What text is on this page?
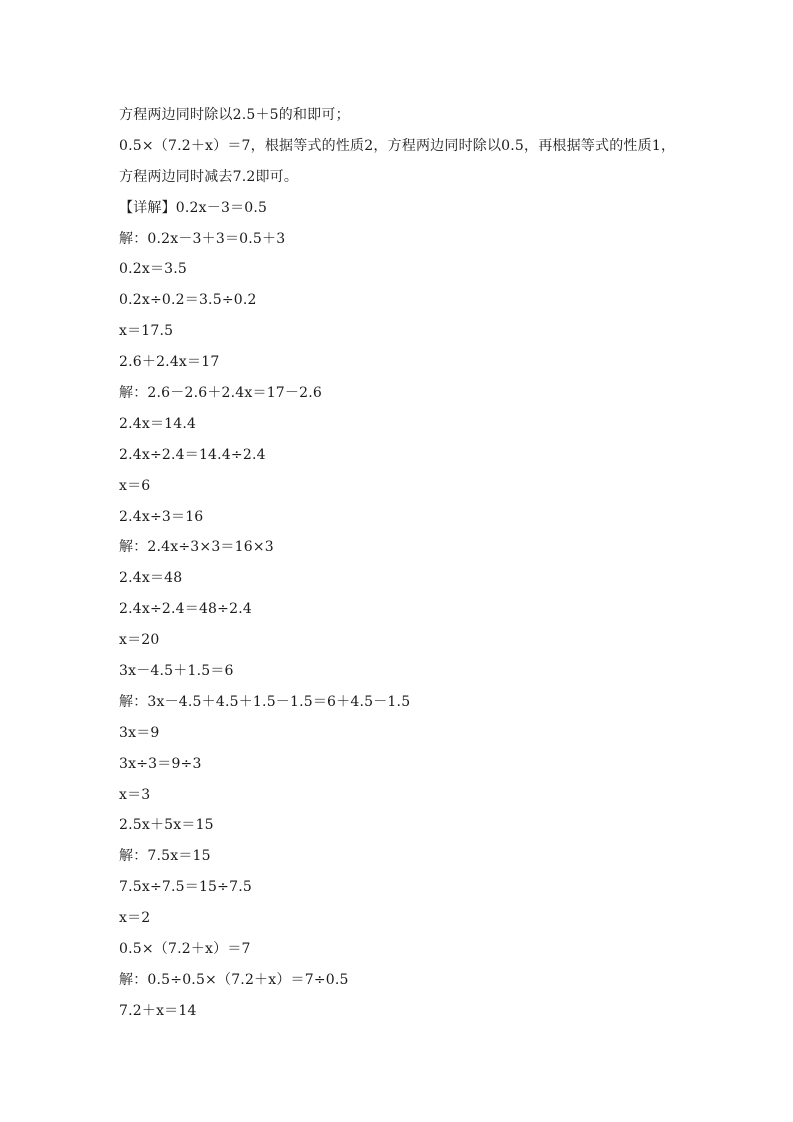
方程两边同时除以2.5＋5的和即可；
0.5×（7.2＋x）＝7，根据等式的性质2，方程两边同时除以0.5，再根据等式的性质1，
方程两边同时减去7.2即可。
【详解】0.2x－3＝0.5
解：0.2x－3＋3＝0.5＋3
0.2x＝3.5
0.2x÷0.2＝3.5÷0.2
x＝17.5
2.6＋2.4x＝17
解：2.6－2.6＋2.4x＝17－2.6
2.4x＝14.4
2.4x÷2.4＝14.4÷2.4
x＝6
2.4x÷3＝16
解：2.4x÷3×3＝16×3
2.4x＝48
2.4x÷2.4＝48÷2.4
x＝20
3x－4.5＋1.5＝6
解：3x－4.5＋4.5＋1.5－1.5＝6＋4.5－1.5
3x＝9
3x÷3＝9÷3
x＝3
2.5x＋5x＝15
解：7.5x＝15
7.5x÷7.5＝15÷7.5
x＝2
0.5×（7.2＋x）＝7
解：0.5÷0.5×（7.2＋x）＝7÷0.5
7.2＋x＝14
